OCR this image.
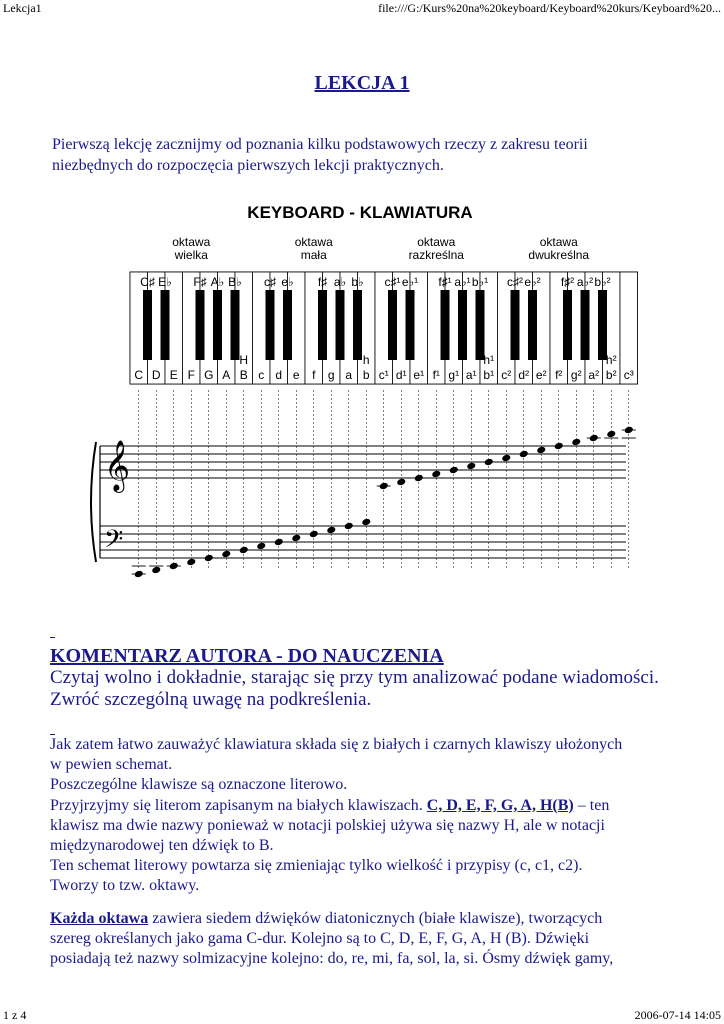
Lekcja1	file:///G:/Kurs%20na%20keyboard/Keyboard%20kurs/Keyboard%20...
LEKCJA 1
Pierwszą lekcję zacznijmy od poznania kilku podstawowych rzeczy z zakresu teorii
niezbędnych do rozpoczęcia pierwszych lekcji praktycznych.
KEYBOARD - KLAWIATURA
oktawa
wielka
oktawa
mała
oktawa
razkreślna
oktawa
dwukreślna
C D E F G A B c d e f g a b c¹ d¹ e¹ f¹ g¹ a¹ b¹ c² d² e² f² g² a² b² c³
C♯ E♭ F♯ A♭ B♭
H
c♯ e♭ f♯ a♭ b♭
h
c♯¹ e♭¹ f♯¹ a♭¹ b♭¹
h¹
c♯² e♭² f♯² a♭² b♭²
h²
𝄞
𝄢
KOMENTARZ AUTORA - DO NAUCZENIA
Czytaj wolno i dokładnie, starając się przy tym analizować podane wiadomości.
Zwróć szczególną uwagę na podkreślenia.
Jak zatem łatwo zauważyć klawiatura składa się z białych i czarnych klawiszy ułożonych
w pewien schemat.
Poszczególne klawisze są oznaczone literowo.
Przyjrzyjmy się literom zapisanym na białych klawiszach. C, D, E, F, G, A, H(B) – ten
klawisz ma dwie nazwy ponieważ w notacji polskiej używa się nazwy H, ale w notacji
międzynarodowej ten dźwięk to B.
Ten schemat literowy powtarza się zmieniając tylko wielkość i przypisy (c, c1, c2).
Tworzy to tzw. oktawy.
Każda oktawa zawiera siedem dźwięków diatonicznych (białe klawisze), tworzących
szereg określanych jako gama C-dur. Kolejno są to C, D, E, F, G, A, H (B). Dźwięki
posiadają też nazwy solmizacyjne kolejno: do, re, mi, fa, sol, la, si. Ósmy dźwięk gamy,
1 z 4	2006-07-14 14:05
